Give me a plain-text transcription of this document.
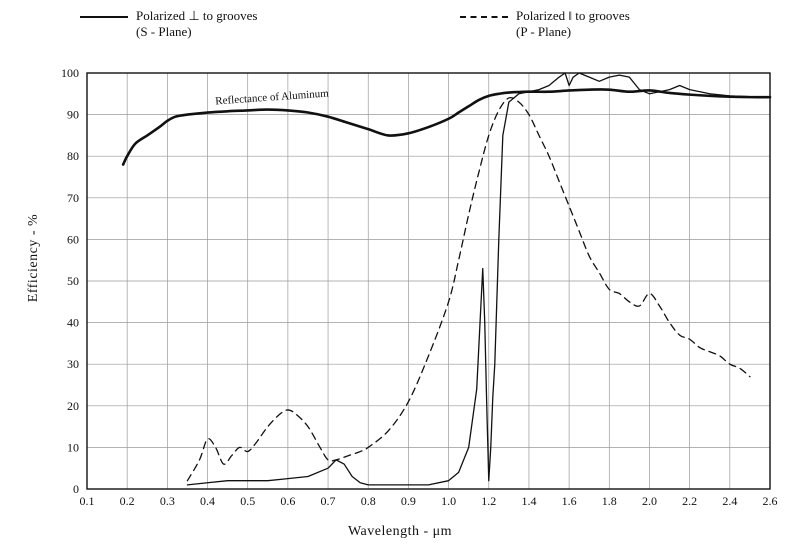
Polarized ⊥ to grooves
(S - Plane)
Polarized ‖ to grooves
(P - Plane)
Efficiency - %
Wavelength - μm
0.1 0.2 0.3 0.4 0.5 0.6 0.7 0.8 0.9 1.0 1.2 1.4 1.6 1.8 2.0 2.2 2.4 2.6
0
10
20
30
40
50
60
70
80
90
100
Reflectance of Aluminum
